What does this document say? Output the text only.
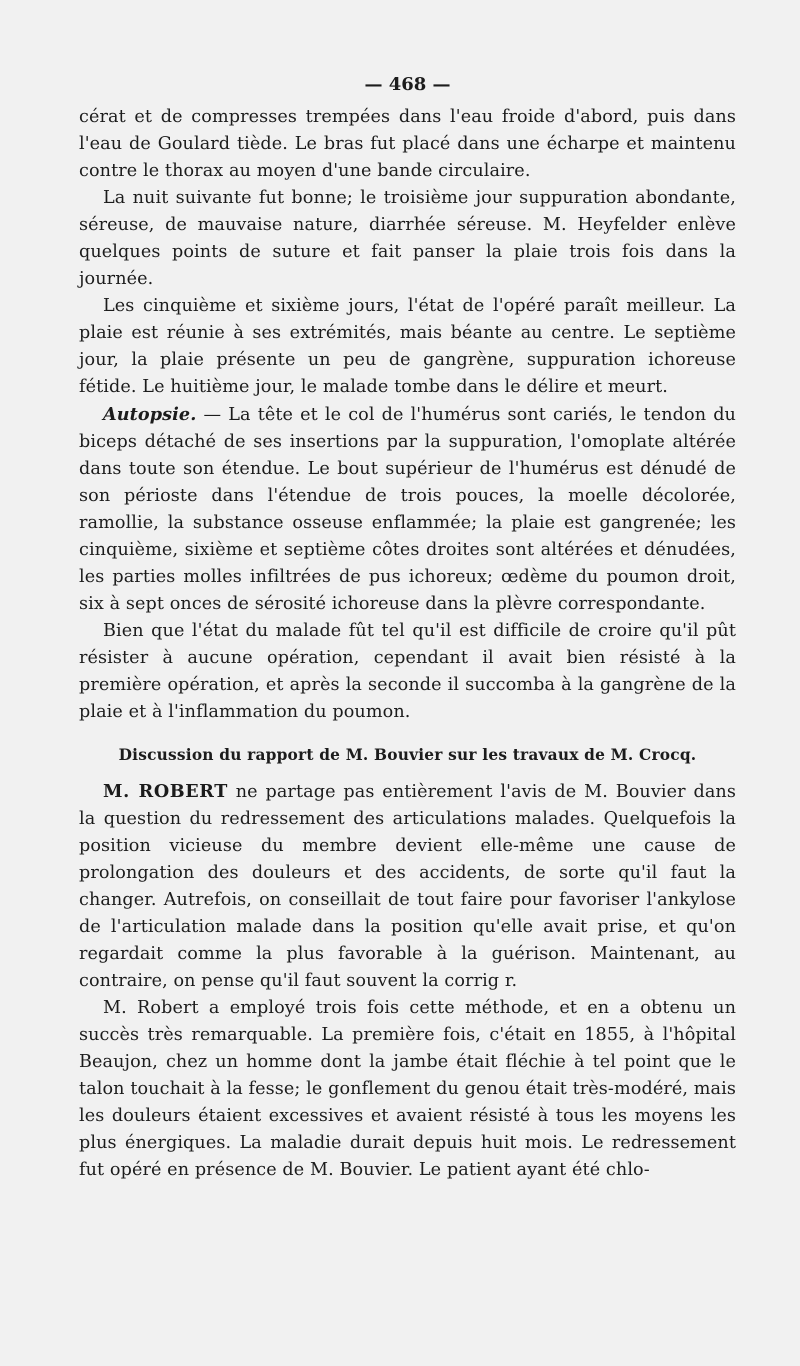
— 468 —

cérat et de compresses trempées dans l'eau froide d'abord, puis dans l'eau de Goulard tiède. Le bras fut placé dans une écharpe et maintenu contre le thorax au moyen d'une bande circulaire.

La nuit suivante fut bonne; le troisième jour suppuration abondante, séreuse, de mauvaise nature, diarrhée séreuse. M. Heyfelder enlève quelques points de suture et fait panser la plaie trois fois dans la journée.

Les cinquième et sixième jours, l'état de l'opéré paraît meilleur. La plaie est réunie à ses extrémités, mais béante au centre. Le septième jour, la plaie présente un peu de gangrène, suppuration ichoreuse fétide. Le huitième jour, le malade tombe dans le délire et meurt.

Autopsie. — La tête et le col de l'humérus sont cariés, le tendon du biceps détaché de ses insertions par la suppuration, l'omoplate altérée dans toute son étendue. Le bout supérieur de l'humérus est dénudé de son périoste dans l'étendue de trois pouces, la moelle décolorée, ramollie, la substance osseuse enflammée; la plaie est gangrenée; les cinquième, sixième et septième côtes droites sont altérées et dénudées, les parties molles infiltrées de pus ichoreux; œdème du poumon droit, six à sept onces de sérosité ichoreuse dans la plèvre correspondante.

Bien que l'état du malade fût tel qu'il est difficile de croire qu'il pût résister à aucune opération, cependant il avait bien résisté à la première opération, et après la seconde il succomba à la gangrène de la plaie et à l'inflammation du poumon.

Discussion du rapport de M. Bouvier sur les travaux de M. Crocq.

M. ROBERT ne partage pas entièrement l'avis de M. Bouvier dans la question du redressement des articulations malades. Quelquefois la position vicieuse du membre devient elle-même une cause de prolongation des douleurs et des accidents, de sorte qu'il faut la changer. Autrefois, on conseillait de tout faire pour favoriser l'ankylose de l'articulation malade dans la position qu'elle avait prise, et qu'on regardait comme la plus favorable à la guérison. Maintenant, au contraire, on pense qu'il faut souvent la corrig r.

M. Robert a employé trois fois cette méthode, et en a obtenu un succès très remarquable. La première fois, c'était en 1855, à l'hôpital Beaujon, chez un homme dont la jambe était fléchie à tel point que le talon touchait à la fesse; le gonflement du genou était très-modéré, mais les douleurs étaient excessives et avaient résisté à tous les moyens les plus énergiques. La maladie durait depuis huit mois. Le redressement fut opéré en présence de M. Bouvier. Le patient ayant été chlo-
